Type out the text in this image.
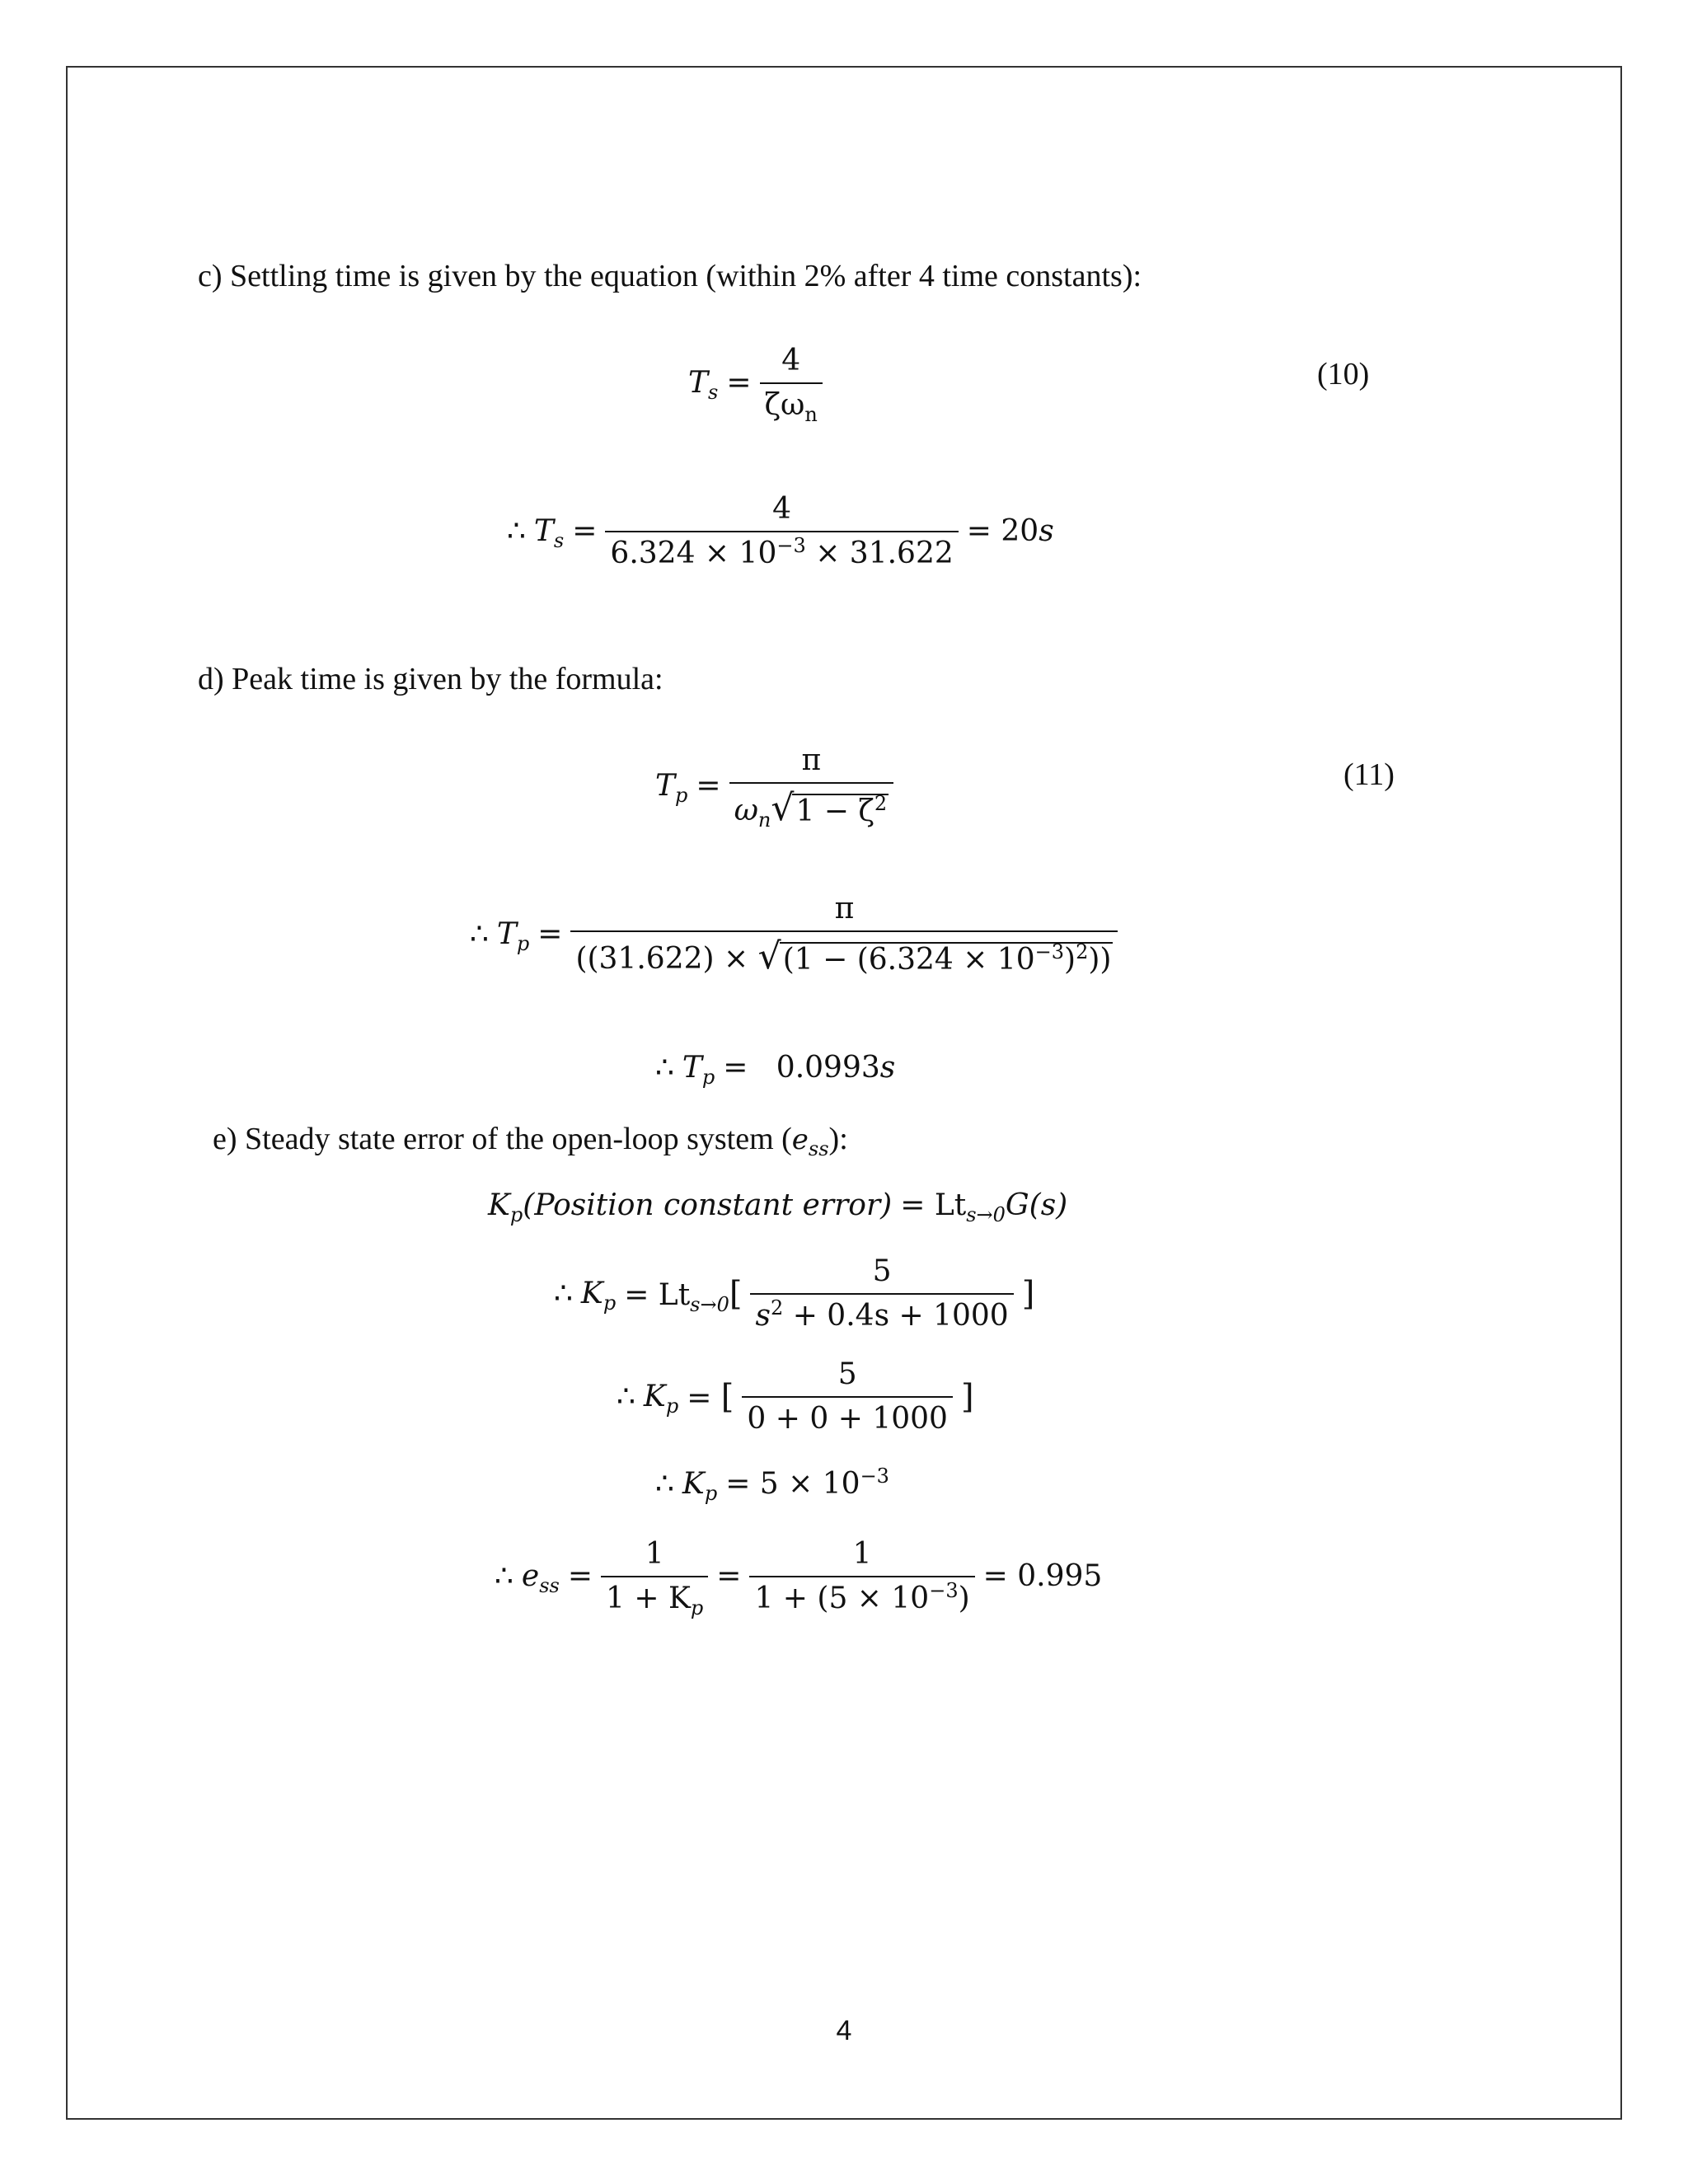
c) Settling time is given by the equation (within 2% after 4 time constants):
$T_s = \frac{4}{\zeta\omega_n}$	(10)
∴ $T_s = \frac{4}{6.324 \times 10^{-3} \times 31.622} = 20s$
d) Peak time is given by the formula:
$T_p = \frac{\pi}{\omega_n √ 1 - \zeta^2}$	(11)
∴ $T_p = \frac{\pi}{((31.622) \times √ (1 - (6.324 \times 10^{-3})^2))}$
∴ $T_p = 0.0993s$
e) Steady state error of the open-loop system $(e_{ss})$:
$K_p(Position$ constant error) = $Lt_{s\to 0}G(s)$
∴ $K_p = Lt_{s\to 0}[ \frac{5}{s^2 + 0.4s + 1000}$ ]
∴ $K_p$ = [ $\frac{5}{0 + 0 + 1000}$ ]
∴ $K_p = 5 \times 10^{-3}$
∴ $e_{ss} = \frac{1}{1 + K_p} = \frac{1}{1 + (5 \times 10^{-3})} = 0.995$
4
